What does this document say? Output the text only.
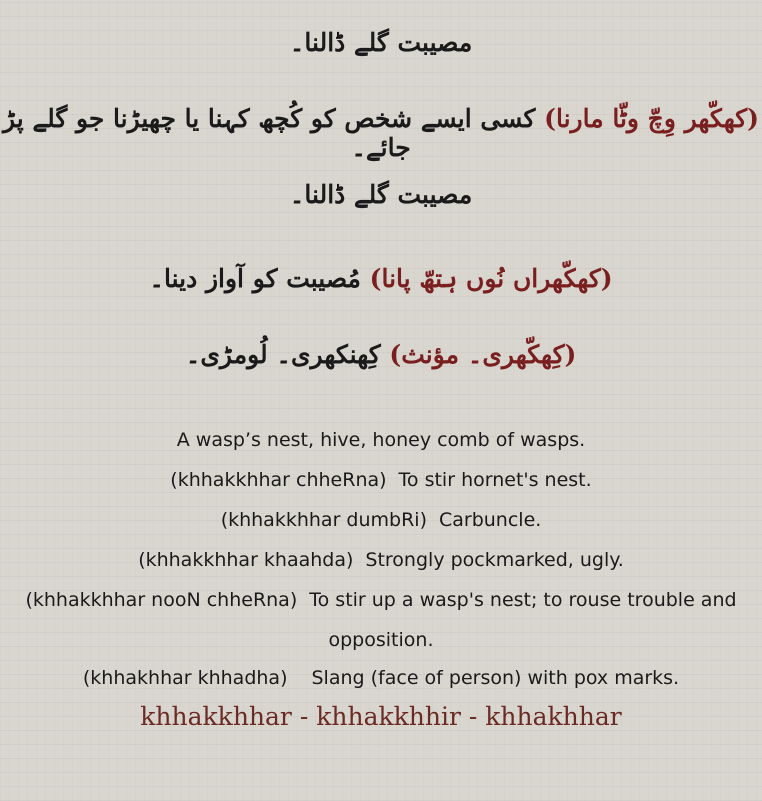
مصیبت گلے ڈالنا۔

(کھکّھر وِچّ وٹّا مارنا) کسی ایسے شخص کو کُچھ کہنا یا چھیڑنا جو گلے پڑ جائے۔

مصیبت گلے ڈالنا۔

(کھکّھراں نُوں ہتھّ پانا) مُصیبت کو آواز دینا۔

(کِھکّھری۔ مؤنث) کِھنکھری۔ لُومڑی۔

A wasp’s nest, hive, honey comb of wasps.

(khhakkhhar chheRna) To stir hornet's nest.

(khhakkhhar dumbRi) Carbuncle.

(khhakkhhar khaahda) Strongly pockmarked, ugly.

(khhakkhhar nooN chheRna) To stir up a wasp's nest; to rouse trouble and opposition.

(khhakhhar khhadha) Slang (face of person) with pox marks.

khhakkhhar - khhakkhhir - khhakhhar
